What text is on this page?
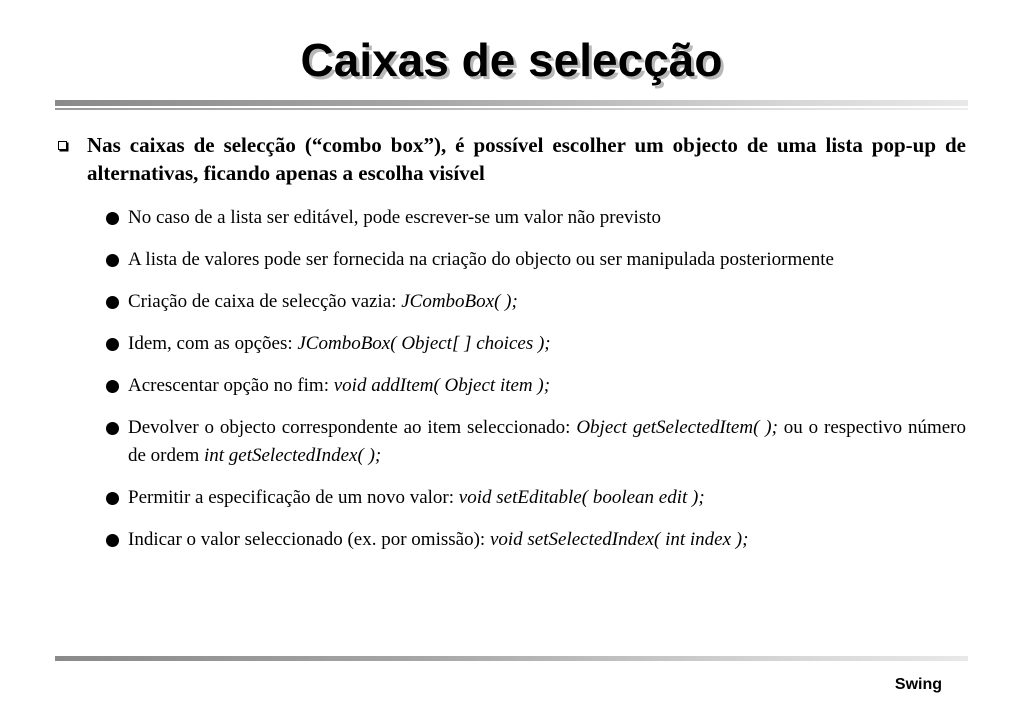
Caixas de selecção
Nas caixas de selecção (“combo box”), é possível escolher um objecto de uma lista pop-up de alternativas, ficando apenas a escolha visível
No caso de a lista ser editável, pode escrever-se um valor não previsto
A lista de valores pode ser fornecida na criação do objecto ou ser manipulada posteriormente
Criação de caixa de selecção vazia: JComboBox( );
Idem, com as opções: JComboBox( Object[ ] choices );
Acrescentar opção no fim: void addItem( Object item );
Devolver o objecto correspondente ao item seleccionado: Object getSelectedItem( ); ou o respectivo número de ordem int getSelectedIndex( );
Permitir a especificação de um novo valor: void setEditable( boolean edit );
Indicar o valor seleccionado (ex. por omissão): void setSelectedIndex( int index );
Swing
